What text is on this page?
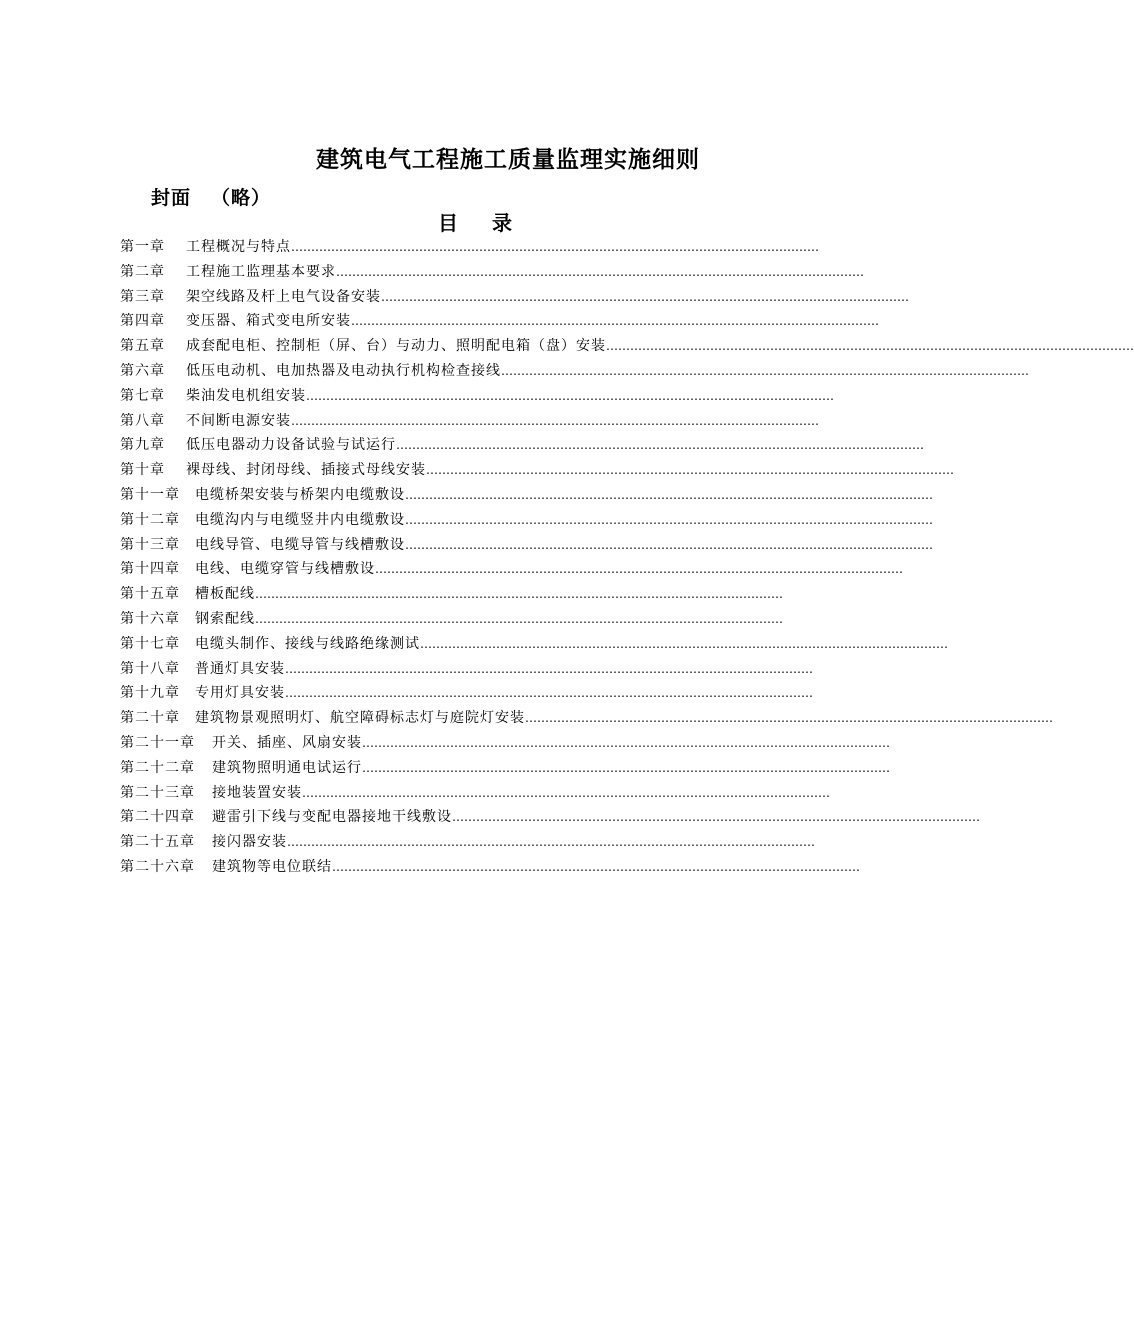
建筑电气工程施工质量监理实施细则
封面  （略）
目 录
第一章	工程概况与特点 ……………………………………………………………………………………………………………………
第二章	工程施工监理基本要求 ……………………………………………………………………………………………………………………
第三章	架空线路及杆上电气设备安装 ……………………………………………………………………………………………………………………
第四章	变压器、箱式变电所安装 ……………………………………………………………………………………………………………………
第五章	成套配电柜、控制柜（屏、台）与动力、照明配电箱（盘）安装 ……………………………………………………………………………………………………………………
第六章	低压电动机、电加热器及电动执行机构检查接线 ……………………………………………………………………………………………………………………
第七章	柴油发电机组安装 ……………………………………………………………………………………………………………………
第八章	不间断电源安装 ……………………………………………………………………………………………………………………
第九章	低压电器动力设备试验与试运行 ……………………………………………………………………………………………………………………
第十章	裸母线、封闭母线、插接式母线安装 ……………………………………………………………………………………………………………………
第十一章	电缆桥架安装与桥架内电缆敷设 ……………………………………………………………………………………………………………………
第十二章	电缆沟内与电缆竖井内电缆敷设 ……………………………………………………………………………………………………………………
第十三章	电线导管、电缆导管与线槽敷设 ……………………………………………………………………………………………………………………
第十四章	电线、电缆穿管与线槽敷设 ……………………………………………………………………………………………………………………
第十五章	槽板配线 ……………………………………………………………………………………………………………………
第十六章	钢索配线 ……………………………………………………………………………………………………………………
第十七章	电缆头制作、接线与线路绝缘测试 ……………………………………………………………………………………………………………………
第十八章	普通灯具安装 ……………………………………………………………………………………………………………………
第十九章	专用灯具安装 ……………………………………………………………………………………………………………………
第二十章	建筑物景观照明灯、航空障碍标志灯与庭院灯安装 ……………………………………………………………………………………………………………………
第二十一章	开关、插座、风扇安装 ……………………………………………………………………………………………………………………
第二十二章	建筑物照明通电试运行 ……………………………………………………………………………………………………………………
第二十三章	接地装置安装 ……………………………………………………………………………………………………………………
第二十四章	避雷引下线与变配电器接地干线敷设 ……………………………………………………………………………………………………………………
第二十五章	接闪器安装 ……………………………………………………………………………………………………………………
第二十六章	建筑物等电位联结 ……………………………………………………………………………………………………………………
